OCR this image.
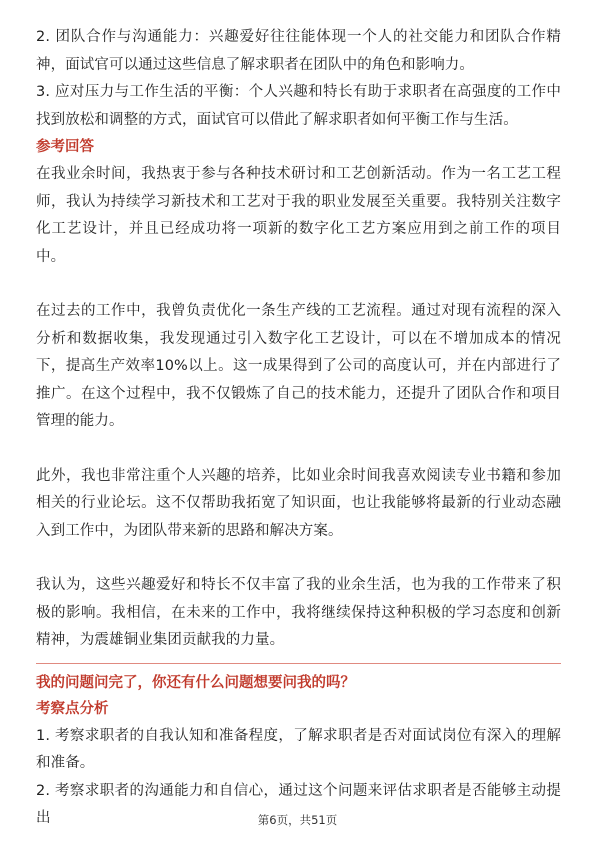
2. 团队合作与沟通能力：兴趣爱好往往能体现一个人的社交能力和团队合作精神，面试官可以通过这些信息了解求职者在团队中的角色和影响力。

3. 应对压力与工作生活的平衡：个人兴趣和特长有助于求职者在高强度的工作中找到放松和调整的方式，面试官可以借此了解求职者如何平衡工作与生活。

参考回答

在我业余时间，我热衷于参与各种技术研讨和工艺创新活动。作为一名工艺工程师，我认为持续学习新技术和工艺对于我的职业发展至关重要。我特别关注数字化工艺设计，并且已经成功将一项新的数字化工艺方案应用到之前工作的项目中。

在过去的工作中，我曾负责优化一条生产线的工艺流程。通过对现有流程的深入分析和数据收集，我发现通过引入数字化工艺设计，可以在不增加成本的情况下，提高生产效率10%以上。这一成果得到了公司的高度认可，并在内部进行了推广。在这个过程中，我不仅锻炼了自己的技术能力，还提升了团队合作和项目管理的能力。

此外，我也非常注重个人兴趣的培养，比如业余时间我喜欢阅读专业书籍和参加相关的行业论坛。这不仅帮助我拓宽了知识面，也让我能够将最新的行业动态融入到工作中，为团队带来新的思路和解决方案。

我认为，这些兴趣爱好和特长不仅丰富了我的业余生活，也为我的工作带来了积极的影响。我相信，在未来的工作中，我将继续保持这种积极的学习态度和创新精神，为震雄铜业集团贡献我的力量。

我的问题问完了，你还有什么问题想要问我的吗？
考察点分析

1. 考察求职者的自我认知和准备程度，了解求职者是否对面试岗位有深入的理解和准备。

2. 考察求职者的沟通能力和自信心，通过这个问题来评估求职者是否能够主动提出	第6页，共51页
